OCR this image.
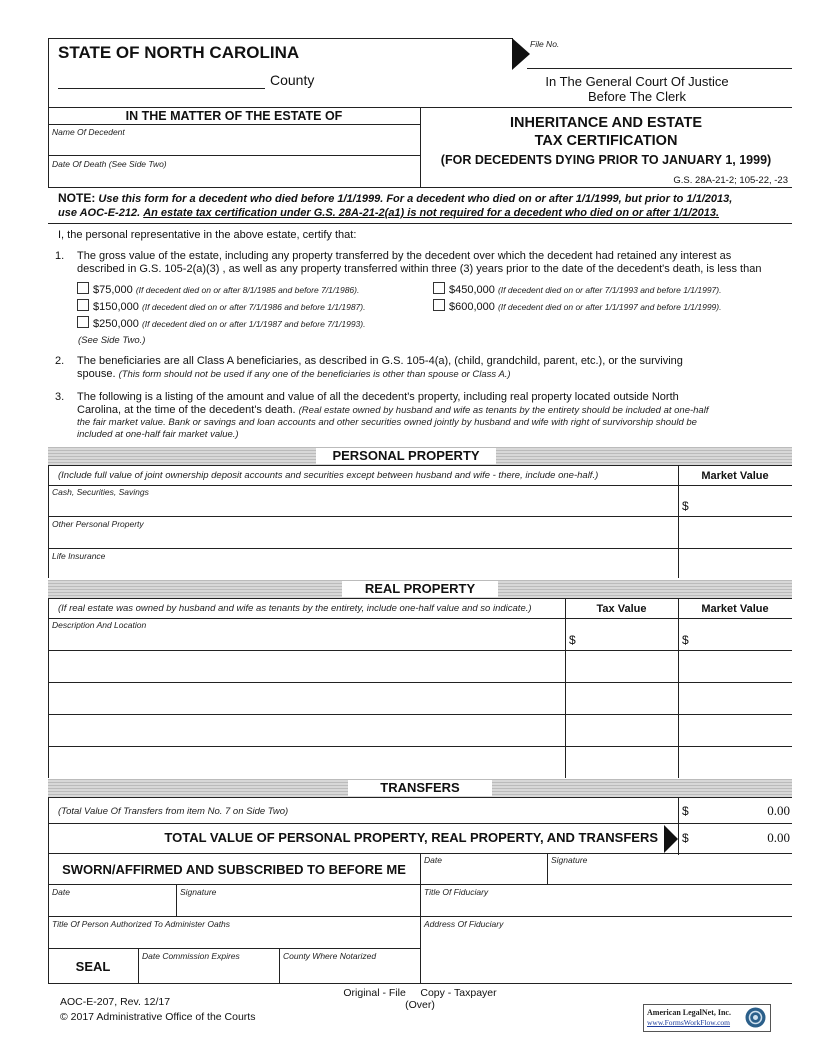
STATE OF NORTH CAROLINA
County
File No.
In The General Court Of Justice
Before The Clerk
IN THE MATTER OF THE ESTATE OF
Name Of Decedent
Date Of Death (See Side Two)
INHERITANCE AND ESTATE
TAX CERTIFICATION
(FOR DECEDENTS DYING PRIOR TO JANUARY 1, 1999)
G.S. 28A-21-2; 105-22, -23
NOTE: Use this form for a decedent who died before 1/1/1999. For a decedent who died on or after 1/1/1999, but prior to 1/1/2013,
use AOC-E-212. An estate tax certification under G.S. 28A-21-2(a1) is not required for a decedent who died on or after 1/1/2013.
I, the personal representative in the above estate, certify that:
1. The gross value of the estate, including any property transferred by the decedent over which the decedent had retained any interest as
described in G.S. 105-2(a)(3) , as well as any property transferred within three (3) years prior to the date of the decedent's death, is less than
$75,000 (If decedent died on or after 8/1/1985 and before 7/1/1986).	$450,000 (If decedent died on or after 7/1/1993 and before 1/1/1997).
$150,000 (If decedent died on or after 7/1/1986 and before 1/1/1987).	$600,000 (If decedent died on or after 1/1/1997 and before 1/1/1999).
$250,000 (If decedent died on or after 1/1/1987 and before 7/1/1993).
(See Side Two.)
2. The beneficiaries are all Class A beneficiaries, as described in G.S. 105-4(a), (child, grandchild, parent, etc.), or the surviving
spouse. (This form should not be used if any one of the beneficiaries is other than spouse or Class A.)
3. The following is a listing of the amount and value of all the decedent's property, including real property located outside North
Carolina, at the time of the decedent's death. (Real estate owned by husband and wife as tenants by the entirety should be included at one-half
the fair market value. Bank or savings and loan accounts and other securities owned jointly by husband and wife with right of survivorship should be
included at one-half fair market value.)
PERSONAL PROPERTY
(Include full value of joint ownership deposit accounts and securities except between husband and wife - there, include one-half.)	Market Value
Cash, Securities, Savings
$
Other Personal Property
Life Insurance
REAL PROPERTY
(If real estate was owned by husband and wife as tenants by the entirety, include one-half value and so indicate.)	Tax Value	Market Value
Description And Location
$	$
TRANSFERS
(Total Value Of Transfers from item No. 7 on Side Two)	$	0.00
TOTAL VALUE OF PERSONAL PROPERTY, REAL PROPERTY, AND TRANSFERS $	0.00
SWORN/AFFIRMED AND SUBSCRIBED TO BEFORE ME
Date	Signature
Date	Signature	Title Of Fiduciary
Title Of Person Authorized To Administer Oaths	Address Of Fiduciary
SEAL
Date Commission Expires	County Where Notarized
AOC-E-207, Rev. 12/17
© 2017 Administrative Office of the Courts
Original - File     Copy - Taxpayer
(Over)
American LegalNet, Inc.
www.FormsWorkFlow.com
